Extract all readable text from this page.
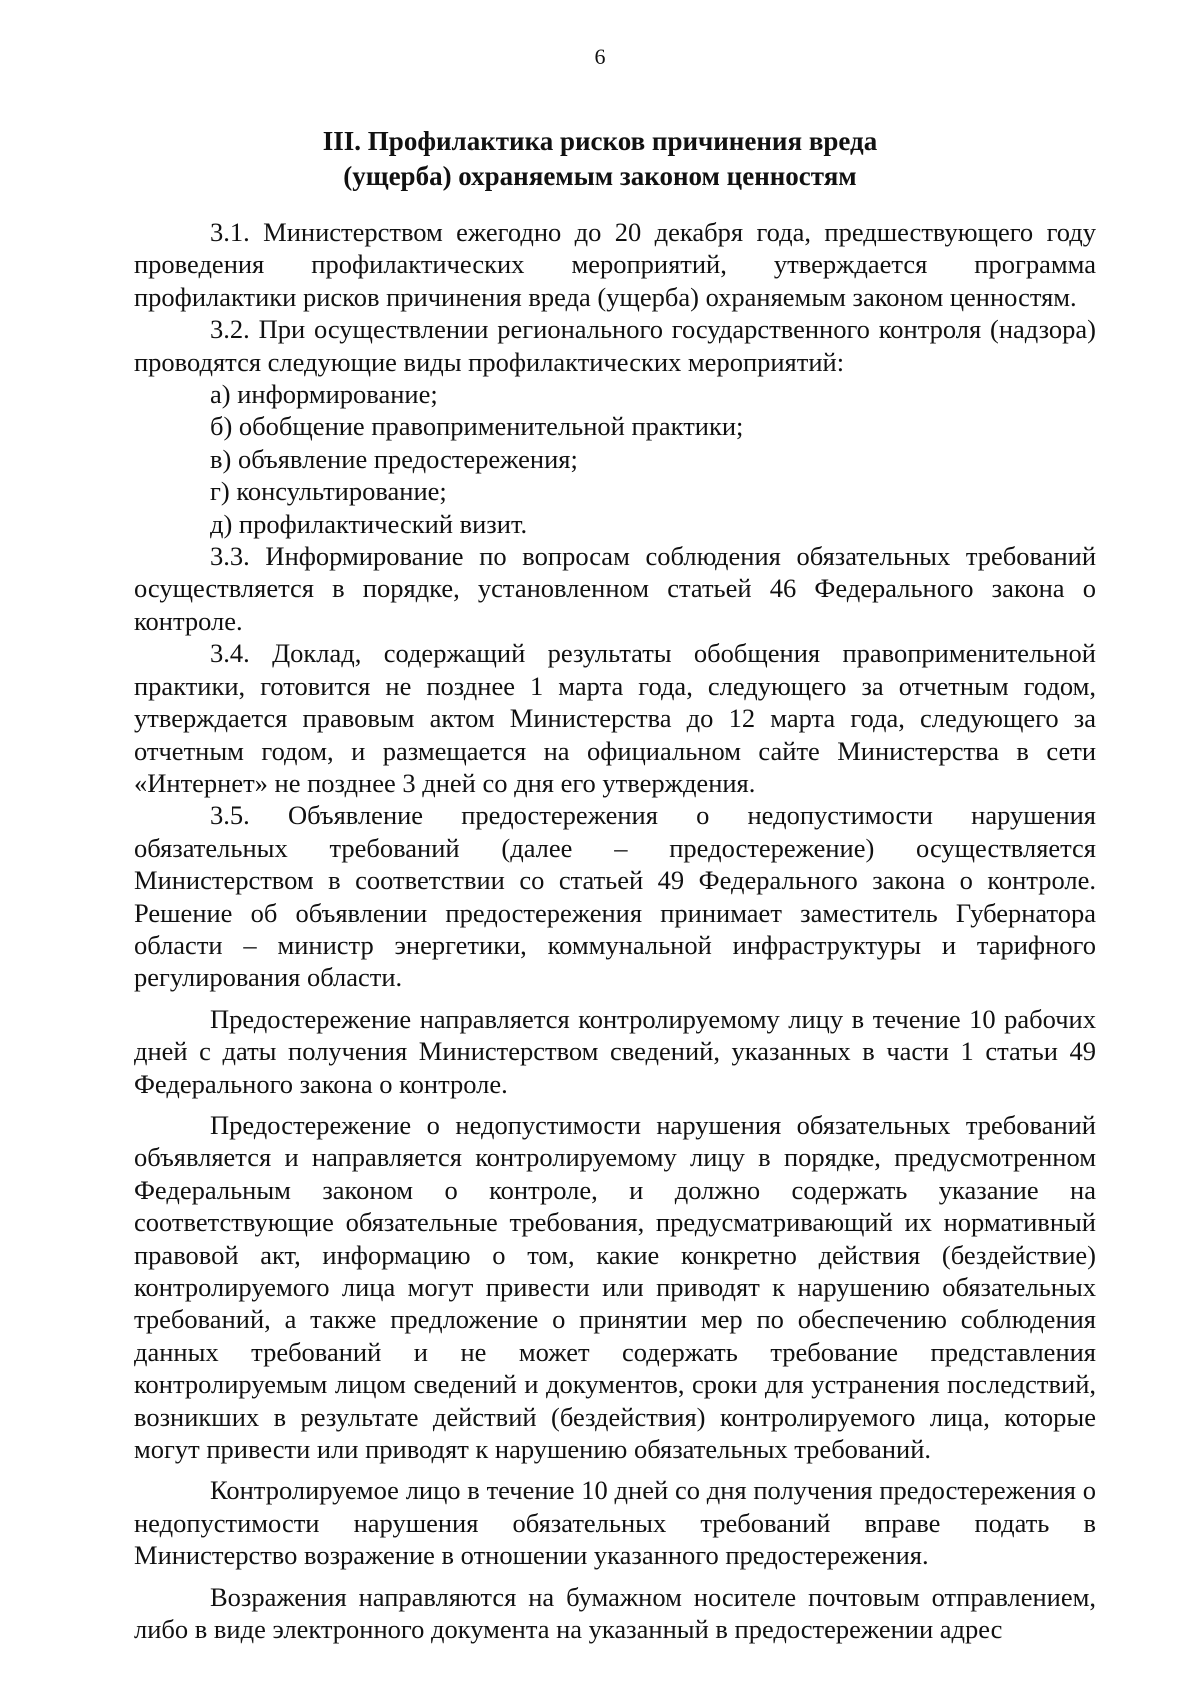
6
III. Профилактика рисков причинения вреда
(ущерба) охраняемым законом ценностям

3.1. Министерством ежегодно до 20 декабря года, предшествующего году проведения профилактических мероприятий, утверждается программа профилактики рисков причинения вреда (ущерба) охраняемым законом ценностям.

3.2. При осуществлении регионального государственного контроля (надзора) проводятся следующие виды профилактических мероприятий:

а) информирование;

б) обобщение правоприменительной практики;

в) объявление предостережения;

г) консультирование;

д) профилактический визит.

3.3. Информирование по вопросам соблюдения обязательных требований осуществляется в порядке, установленном статьей 46 Федерального закона о контроле.

3.4. Доклад, содержащий результаты обобщения правоприменительной практики, готовится не позднее 1 марта года, следующего за отчетным годом, утверждается правовым актом Министерства до 12 марта года, следующего за отчетным годом, и размещается на официальном сайте Министерства в сети «Интернет» не позднее 3 дней со дня его утверждения.

3.5. Объявление предостережения о недопустимости нарушения обязательных требований (далее – предостережение) осуществляется Министерством в соответствии со статьей 49 Федерального закона о контроле. Решение об объявлении предостережения принимает заместитель Губернатора области – министр энергетики, коммунальной инфраструктуры и тарифного регулирования области.

Предостережение направляется контролируемому лицу в течение 10 рабочих дней с даты получения Министерством сведений, указанных в части 1 статьи 49 Федерального закона о контроле.

Предостережение о недопустимости нарушения обязательных требований объявляется и направляется контролируемому лицу в порядке, предусмотренном Федеральным законом о контроле, и должно содержать указание на соответствующие обязательные требования, предусматривающий их нормативный правовой акт, информацию о том, какие конкретно действия (бездействие) контролируемого лица могут привести или приводят к нарушению обязательных требований, а также предложение о принятии мер по обеспечению соблюдения данных требований и не может содержать требование представления контролируемым лицом сведений и документов, сроки для устранения последствий, возникших в результате действий (бездействия) контролируемого лица, которые могут привести или приводят к нарушению обязательных требований.

Контролируемое лицо в течение 10 дней со дня получения предостережения о недопустимости нарушения обязательных требований вправе подать в Министерство возражение в отношении указанного предостережения.

Возражения направляются на бумажном носителе почтовым отправлением, либо в виде электронного документа на указанный в предостережении адрес
